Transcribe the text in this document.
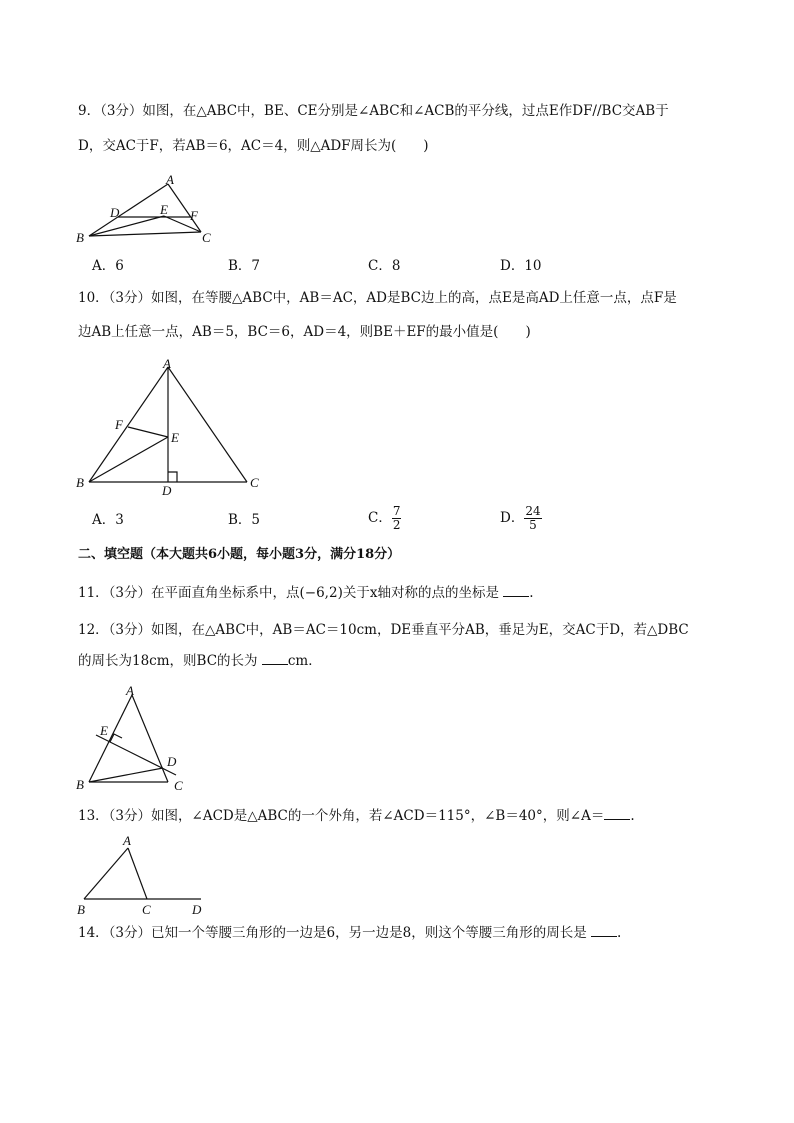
9．（3分）如图，在△ABC中，BE、CE分别是∠ABC和∠ACB的平分线，过点E作DF//BC交AB于
D，交AC于F，若AB＝6，AC＝4，则△ADF周长为(　　)
A
B	C
D	E F
A．6	B．7	C．8	D．10
10．（3分）如图，在等腰△ABC中，AB＝AC，AD是BC边上的高，点E是高AD上任意一点，点F是
边AB上任意一点，AB＝5，BC＝6，AD＝4，则BE＋EF的最小值是(　　)
A
B	C
D
E
F
A．3	B．5	C． $\frac{7}{2}$	D． $\frac{24}{5}$
二、填空题（本大题共6小题，每小题3分，满分18分）
11．（3分）在平面直角坐标系中，点(−6,2)关于x轴对称的点的坐标是 .
12．（3分）如图，在△ABC中，AB＝AC＝10cm，DE垂直平分AB，垂足为E，交AC于D，若△DBC
的周长为18cm，则BC的长为 cm．
A
B	C
D
E
13．（3分）如图，∠ACD是△ABC的一个外角，若∠ACD＝115°，∠B＝40°，则∠A＝ .
A
B	C	D
14．（3分）已知一个等腰三角形的一边是6，另一边是8，则这个等腰三角形的周长是 .
